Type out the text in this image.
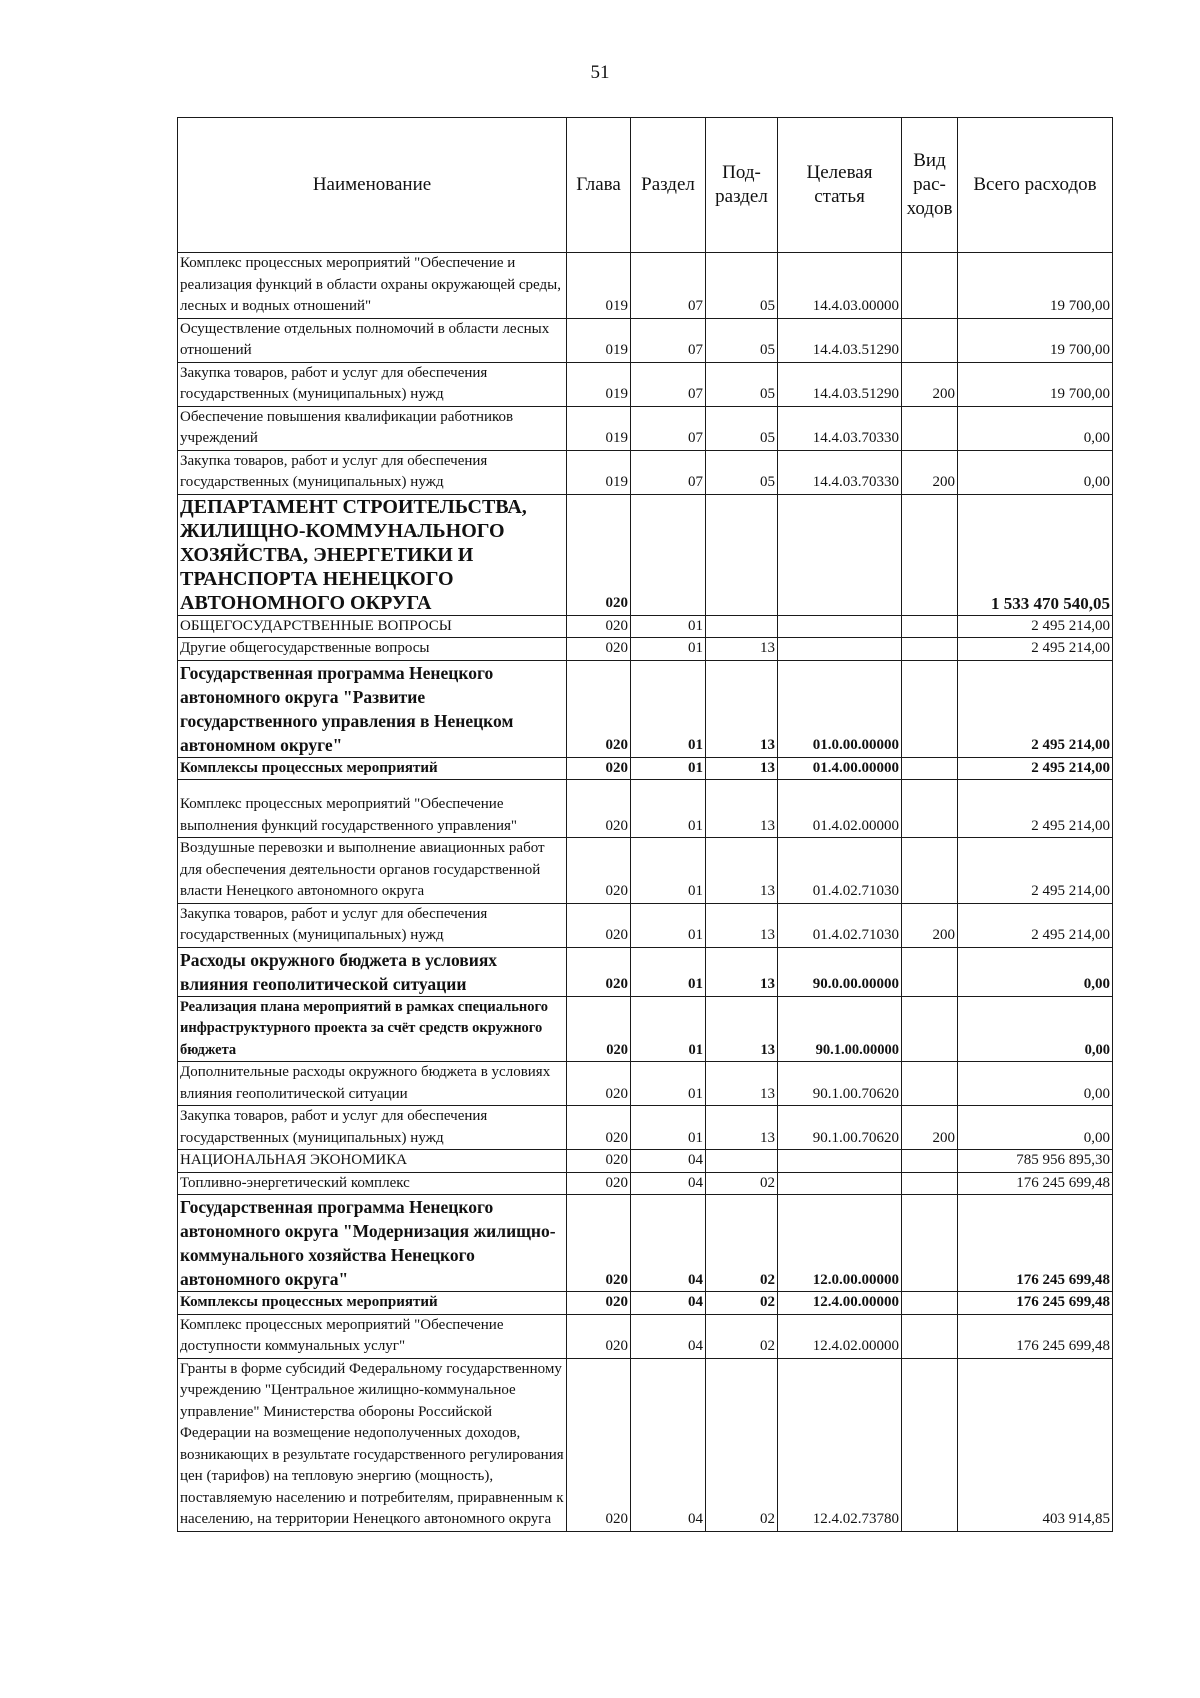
51
Наименование	Глава	Раздел	Под-раздел	Целевая статья	Вид рас-ходов	Всего расходов
Комплекс процессных мероприятий "Обеспечение и реализация функций в области охраны окружающей среды, лесных и водных отношений"	019	07	05	14.4.03.00000		19 700,00
Осуществление отдельных полномочий в области лесных отношений	019	07	05	14.4.03.51290		19 700,00
Закупка товаров, работ и услуг для обеспечения государственных (муниципальных) нужд	019	07	05	14.4.03.51290	200	19 700,00
Обеспечение повышения квалификации работников учреждений	019	07	05	14.4.03.70330		0,00
Закупка товаров, работ и услуг для обеспечения государственных (муниципальных) нужд	019	07	05	14.4.03.70330	200	0,00
ДЕПАРТАМЕНТ СТРОИТЕЛЬСТВА, ЖИЛИЩНО-КОММУНАЛЬНОГО ХОЗЯЙСТВА, ЭНЕРГЕТИКИ И ТРАНСПОРТА НЕНЕЦКОГО АВТОНОМНОГО ОКРУГА	020					1 533 470 540,05
ОБЩЕГОСУДАРСТВЕННЫЕ ВОПРОСЫ	020	01				2 495 214,00
Другие общегосударственные вопросы	020	01	13			2 495 214,00
Государственная программа Ненецкого автономного округа "Развитие государственного управления в Ненецком автономном округе"	020	01	13	01.0.00.00000		2 495 214,00
Комплексы процессных мероприятий	020	01	13	01.4.00.00000		2 495 214,00
Комплекс процессных мероприятий "Обеспечение выполнения функций государственного управления"	020	01	13	01.4.02.00000		2 495 214,00
Воздушные перевозки и выполнение авиационных работ для обеспечения деятельности органов государственной власти Ненецкого автономного округа	020	01	13	01.4.02.71030		2 495 214,00
Закупка товаров, работ и услуг для обеспечения государственных (муниципальных) нужд	020	01	13	01.4.02.71030	200	2 495 214,00
Расходы окружного бюджета в условиях влияния геополитической ситуации	020	01	13	90.0.00.00000		0,00
Реализация плана мероприятий в рамках специального инфраструктурного проекта за счёт средств окружного бюджета	020	01	13	90.1.00.00000		0,00
Дополнительные расходы окружного бюджета в условиях влияния геополитической ситуации	020	01	13	90.1.00.70620		0,00
Закупка товаров, работ и услуг для обеспечения государственных (муниципальных) нужд	020	01	13	90.1.00.70620	200	0,00
НАЦИОНАЛЬНАЯ ЭКОНОМИКА	020	04				785 956 895,30
Топливно-энергетический комплекс	020	04	02			176 245 699,48
Государственная программа Ненецкого автономного округа "Модернизация жилищно-коммунального хозяйства Ненецкого автономного округа"	020	04	02	12.0.00.00000		176 245 699,48
Комплексы процессных мероприятий	020	04	02	12.4.00.00000		176 245 699,48
Комплекс процессных мероприятий "Обеспечение доступности коммунальных услуг"	020	04	02	12.4.02.00000		176 245 699,48
Гранты в форме субсидий Федеральному государственному учреждению "Центральное жилищно-коммунальное управление" Министерства обороны Российской Федерации на возмещение недополученных доходов, возникающих в результате государственного регулирования цен (тарифов) на тепловую энергию (мощность), поставляемую населению и потребителям, приравненным к населению, на территории Ненецкого автономного округа	020	04	02	12.4.02.73780		403 914,85
